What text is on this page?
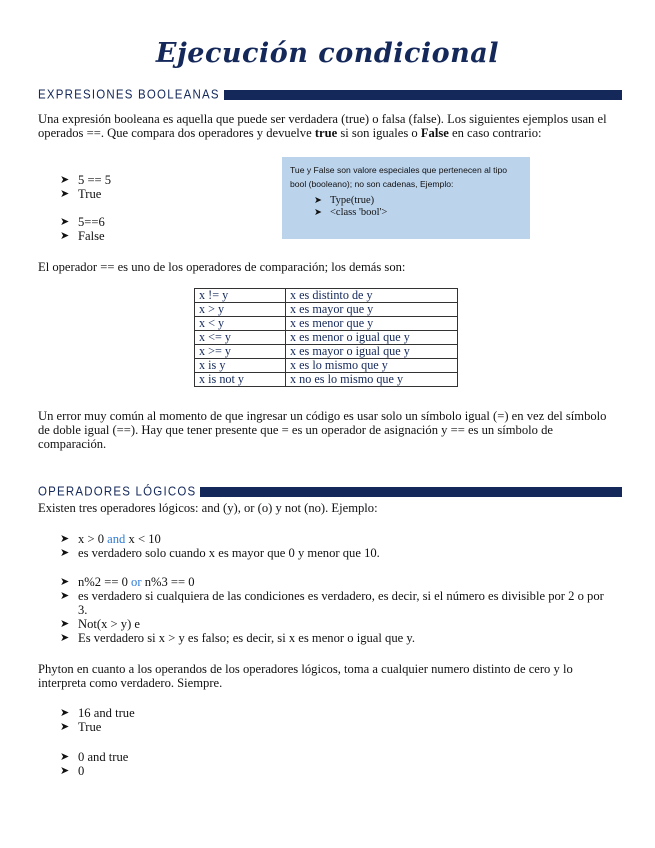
Ejecución condicional
EXPRESIONES BOOLEANAS

Una expresión booleana es aquella que puede ser verdadera (true) o falsa (false). Los siguientes ejemplos usan el operados ==. Que compara dos operadores y devuelve true si son iguales o False en caso contrario:

➤ 5 == 5
➤ True
➤ 5==6
➤ False
Tue y False son valore especiales que pertenecen al tipo bool (booleano); no son cadenas, Ejemplo:
➤ Type(true)
➤ <class 'bool'>

El operador == es uno de los operadores de comparación; los demás son:

x != y	x es distinto de y
x > y	x es mayor que y
x < y	x es menor que y
x <= y	x es menor o igual que y
x >= y	x es mayor o igual que y
x is y	x es lo mismo que y
x is not y	x no es lo mismo que y

Un error muy común al momento de que ingresar un código es usar solo un símbolo igual (=) en vez del símbolo de doble igual (==). Hay que tener presente que = es un operador de asignación y == es un símbolo de comparación.

OPERADORES LÓGICOS

Existen tres operadores lógicos: and (y), or (o) y not (no). Ejemplo:

➤ x > 0 and x < 10
➤ es verdadero solo cuando x es mayor que 0 y menor que 10.
➤ n%2 == 0 or n%3 == 0
➤ es verdadero si cualquiera de las condiciones es verdadero, es decir, si el número es divisible por 2 o por 3.
➤ Not(x > y) e
➤ Es verdadero si x > y es falso; es decir, si x es menor o igual que y.

Phyton en cuanto a los operandos de los operadores lógicos, toma a cualquier numero distinto de cero y lo interpreta como verdadero. Siempre.

➤ 16 and true
➤ True
➤ 0 and true
➤ 0
